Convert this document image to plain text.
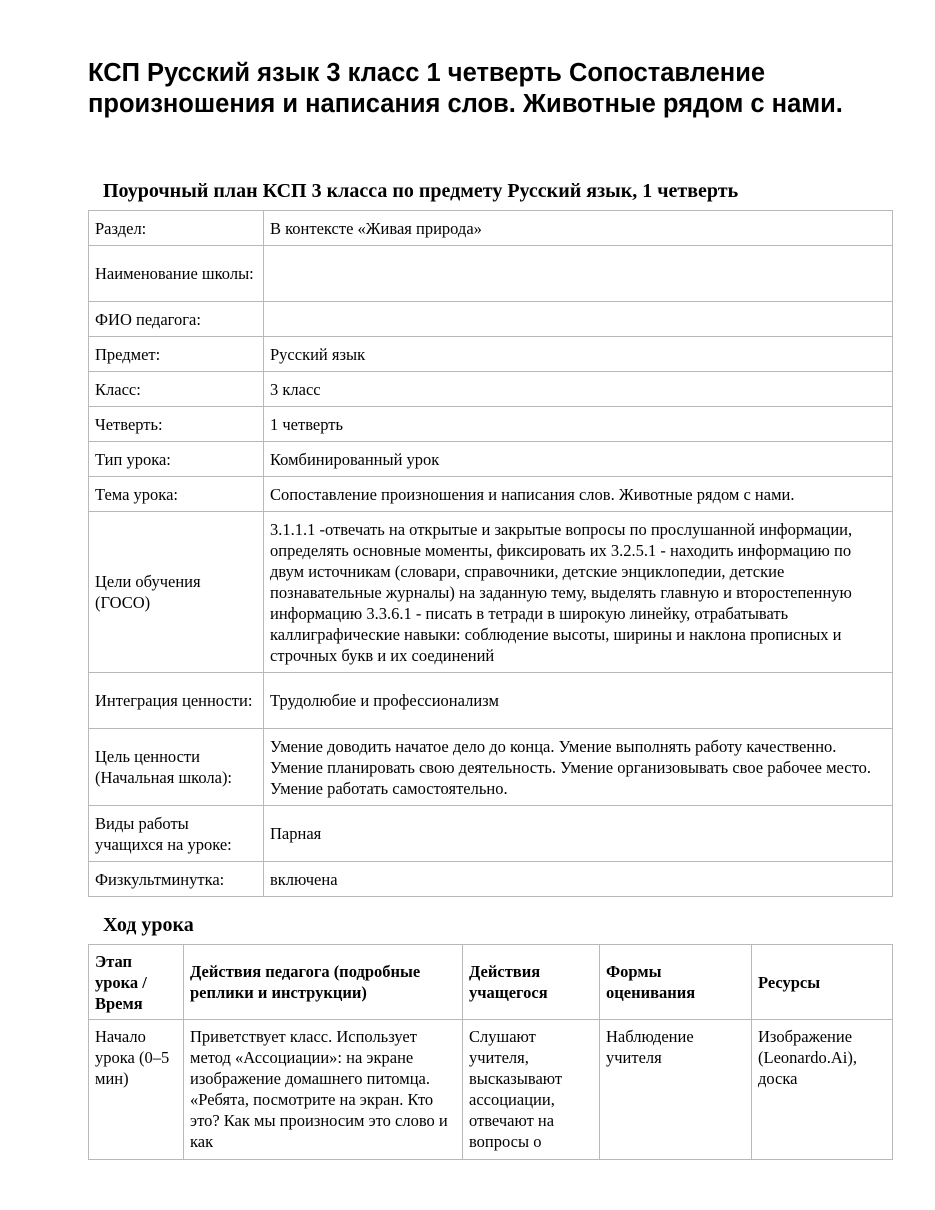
КСП Русский язык 3 класс 1 четверть Сопоставление произношения и написания слов. Животные рядом с нами.
Поурочный план КСП 3 класса по предмету Русский язык, 1 четверть
Раздел:	В контексте «Живая природа»
Наименование школы:	
ФИО педагога:	
Предмет:	Русский язык
Класс:	3 класс
Четверть:	1 четверть
Тип урока:	Комбинированный урок
Тема урока:	Сопоставление произношения и написания слов. Животные рядом с нами.
Цели обучения (ГОСО)	3.1.1.1 -отвечать на открытые и закрытые вопросы по прослушанной информации, определять основные моменты, фиксировать их 3.2.5.1 - находить информацию по двум источникам (словари, справочники, детские энциклопедии, детские познавательные журналы) на заданную тему, выделять главную и второстепенную информацию 3.3.6.1 - писать в тетради в широкую линейку, отрабатывать каллиграфические навыки: соблюдение высоты, ширины и наклона прописных и строчных букв и их соединений
Интеграция ценности:	Трудолюбие и профессионализм
Цель ценности (Начальная школа):	Умение доводить начатое дело до конца. Умение выполнять работу качественно. Умение планировать свою деятельность. Умение организовывать свое рабочее место. Умение работать самостоятельно.
Виды работы учащихся на уроке:	Парная
Физкультминутка:	включена
Ход урока
Этап урока / Время	Действия педагога (подробные реплики и инструкции)	Действия учащегося	Формы оценивания	Ресурсы
Начало урока (0–5 мин)	Приветствует класс. Использует метод «Ассоциации»: на экране изображение домашнего питомца. «Ребята, посмотрите на экран. Кто это? Как мы произносим это слово и как	Слушают учителя, высказывают ассоциации, отвечают на вопросы о	Наблюдение учителя	Изображение (Leonardo.Ai), доска
